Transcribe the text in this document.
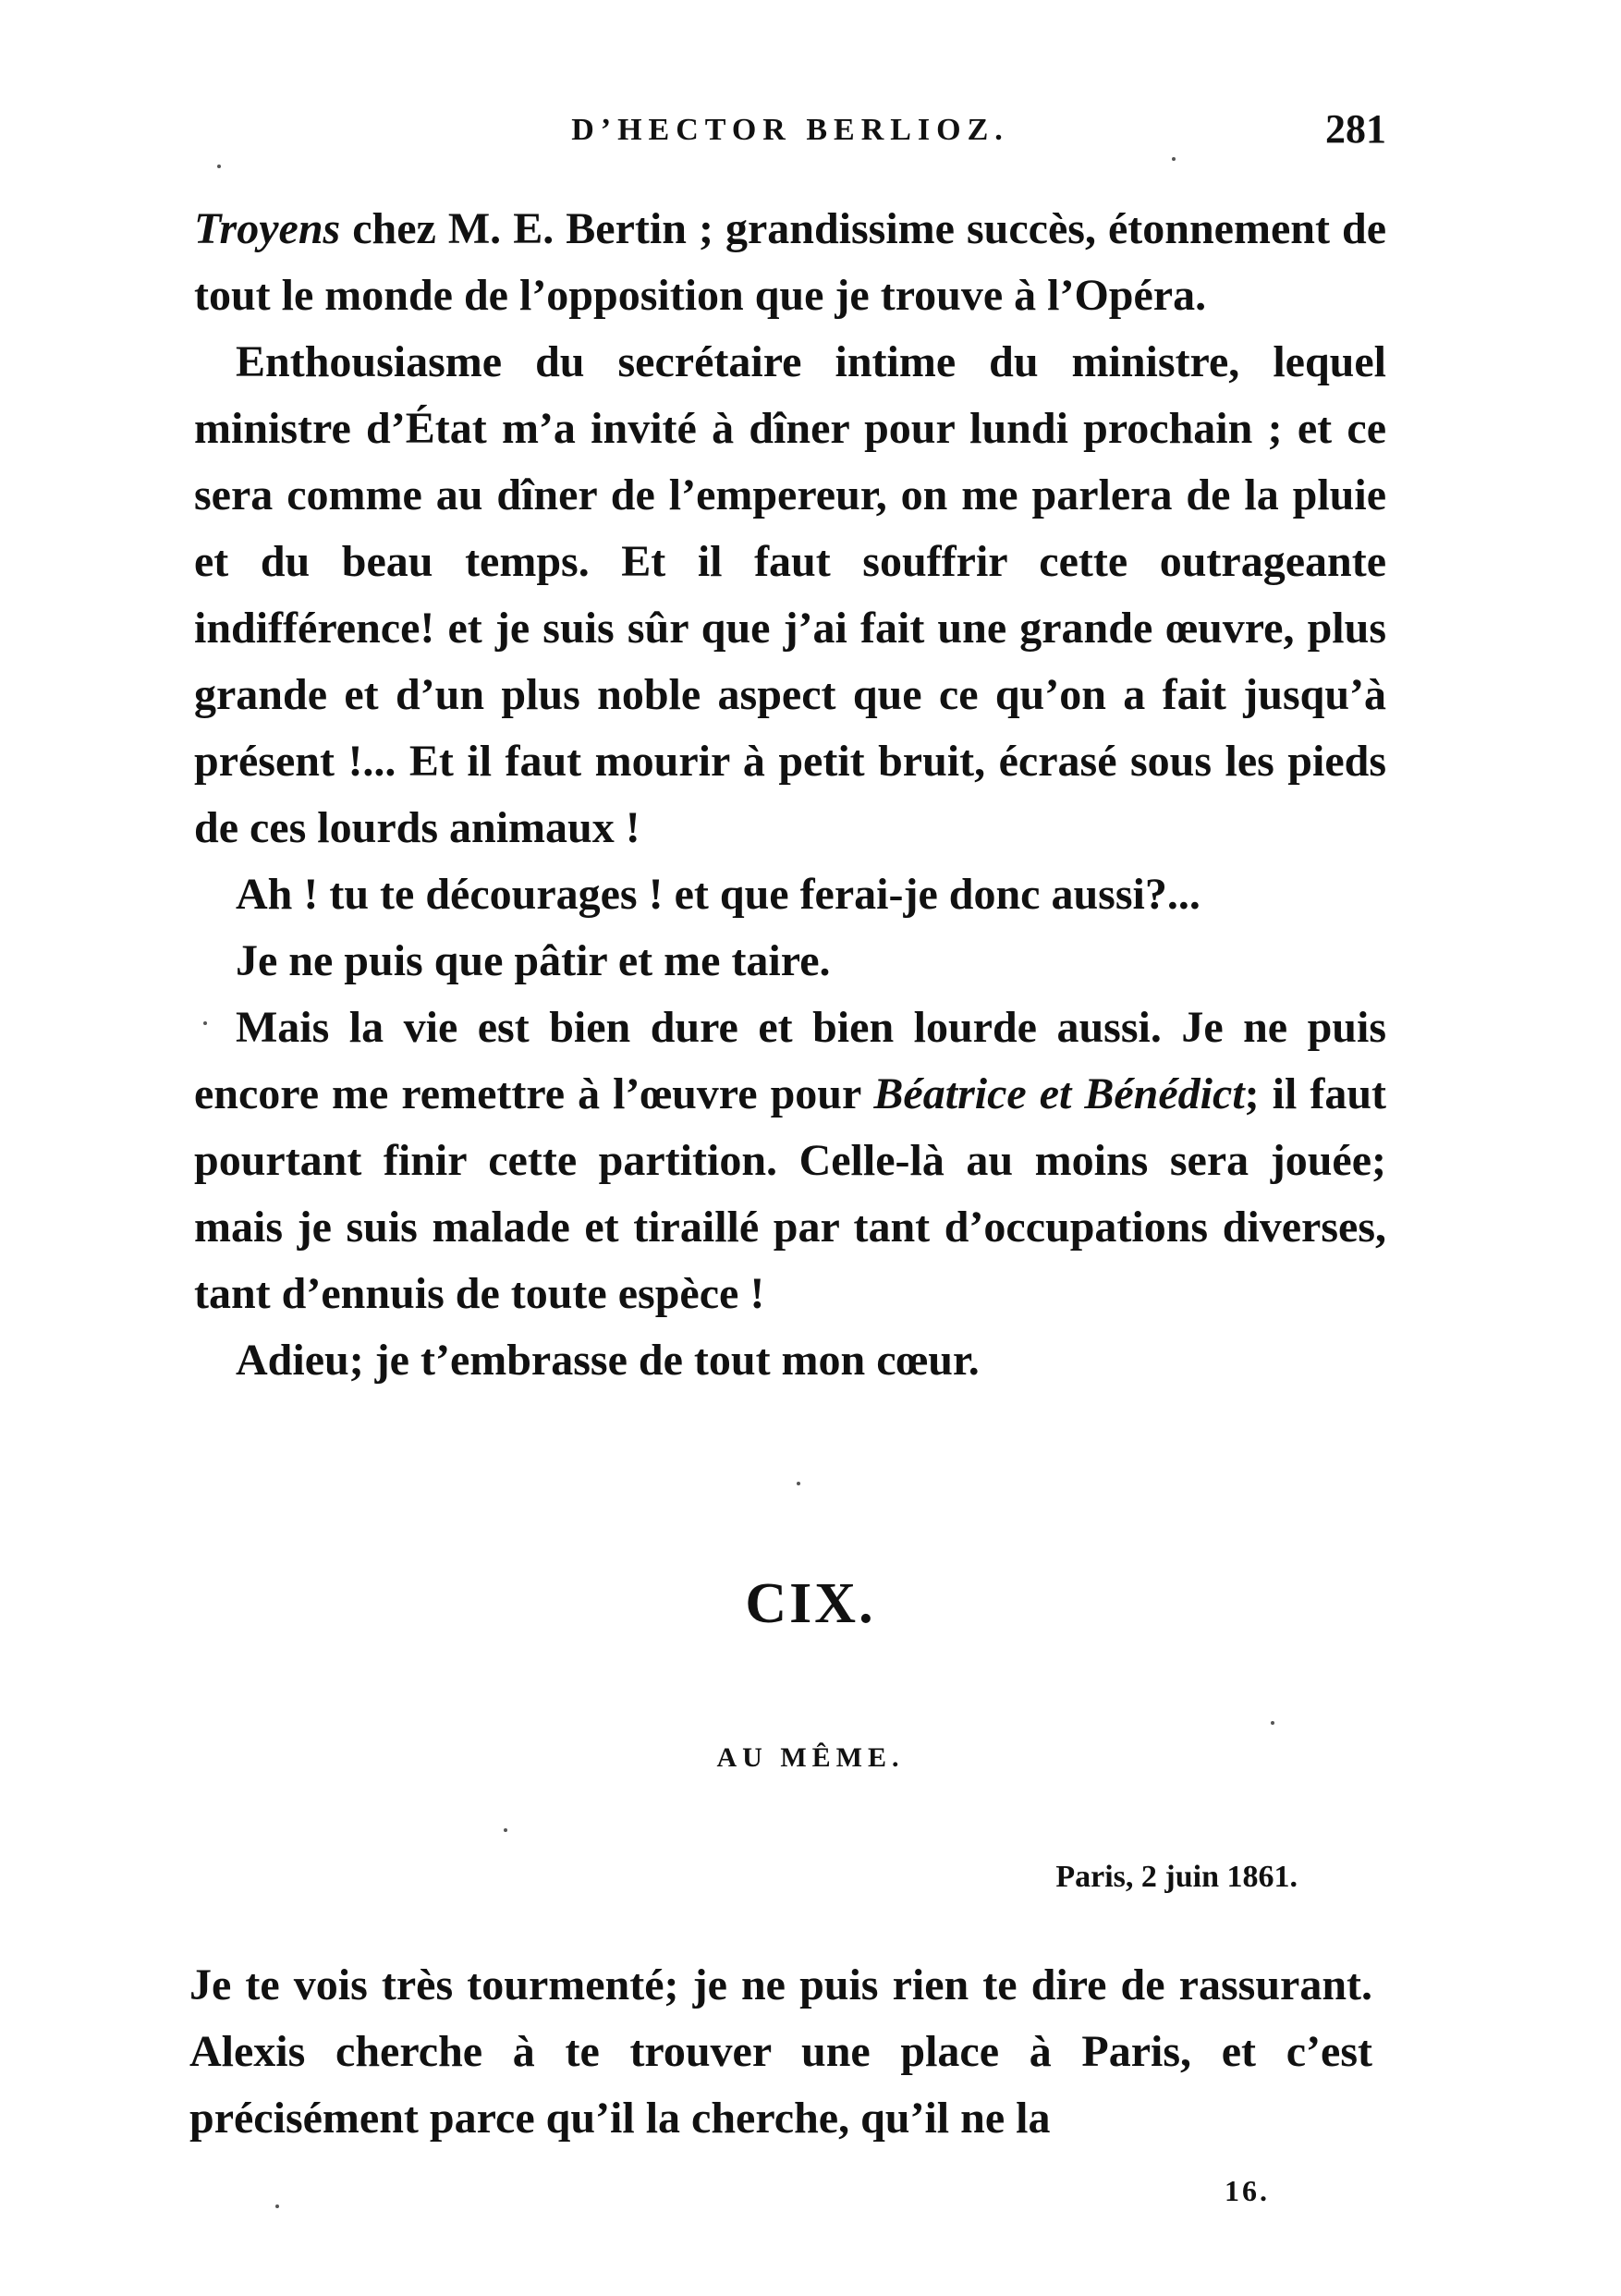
D’HECTOR BERLIOZ.	281

Troyens chez M. E. Bertin ; grandissime succès, étonnement de tout le monde de l’opposition que je trouve à l’Opéra.

Enthousiasme du secrétaire intime du ministre, lequel ministre d’État m’a invité à dîner pour lundi prochain ; et ce sera comme au dîner de l’empereur, on me parlera de la pluie et du beau temps. Et il faut souffrir cette outrageante indifférence! et je suis sûr que j’ai fait une grande œuvre, plus grande et d’un plus noble aspect que ce qu’on a fait jusqu’à présent !... Et il faut mourir à petit bruit, écrasé sous les pieds de ces lourds animaux !

Ah ! tu te décourages ! et que ferai-je donc aussi?...

Je ne puis que pâtir et me taire.

Mais la vie est bien dure et bien lourde aussi. Je ne puis encore me remettre à l’œuvre pour Béatrice et Bénédict; il faut pourtant finir cette partition. Celle-là au moins sera jouée; mais je suis malade et tiraillé par tant d’occupations diverses, tant d’ennuis de toute espèce !

Adieu; je t’embrasse de tout mon cœur.

CIX.
AU MÊME.
Paris, 2 juin 1861.

Je te vois très tourmenté; je ne puis rien te dire de rassurant. Alexis cherche à te trouver une place à Paris, et c’est précisément parce qu’il la cherche, qu’il ne la

16.
